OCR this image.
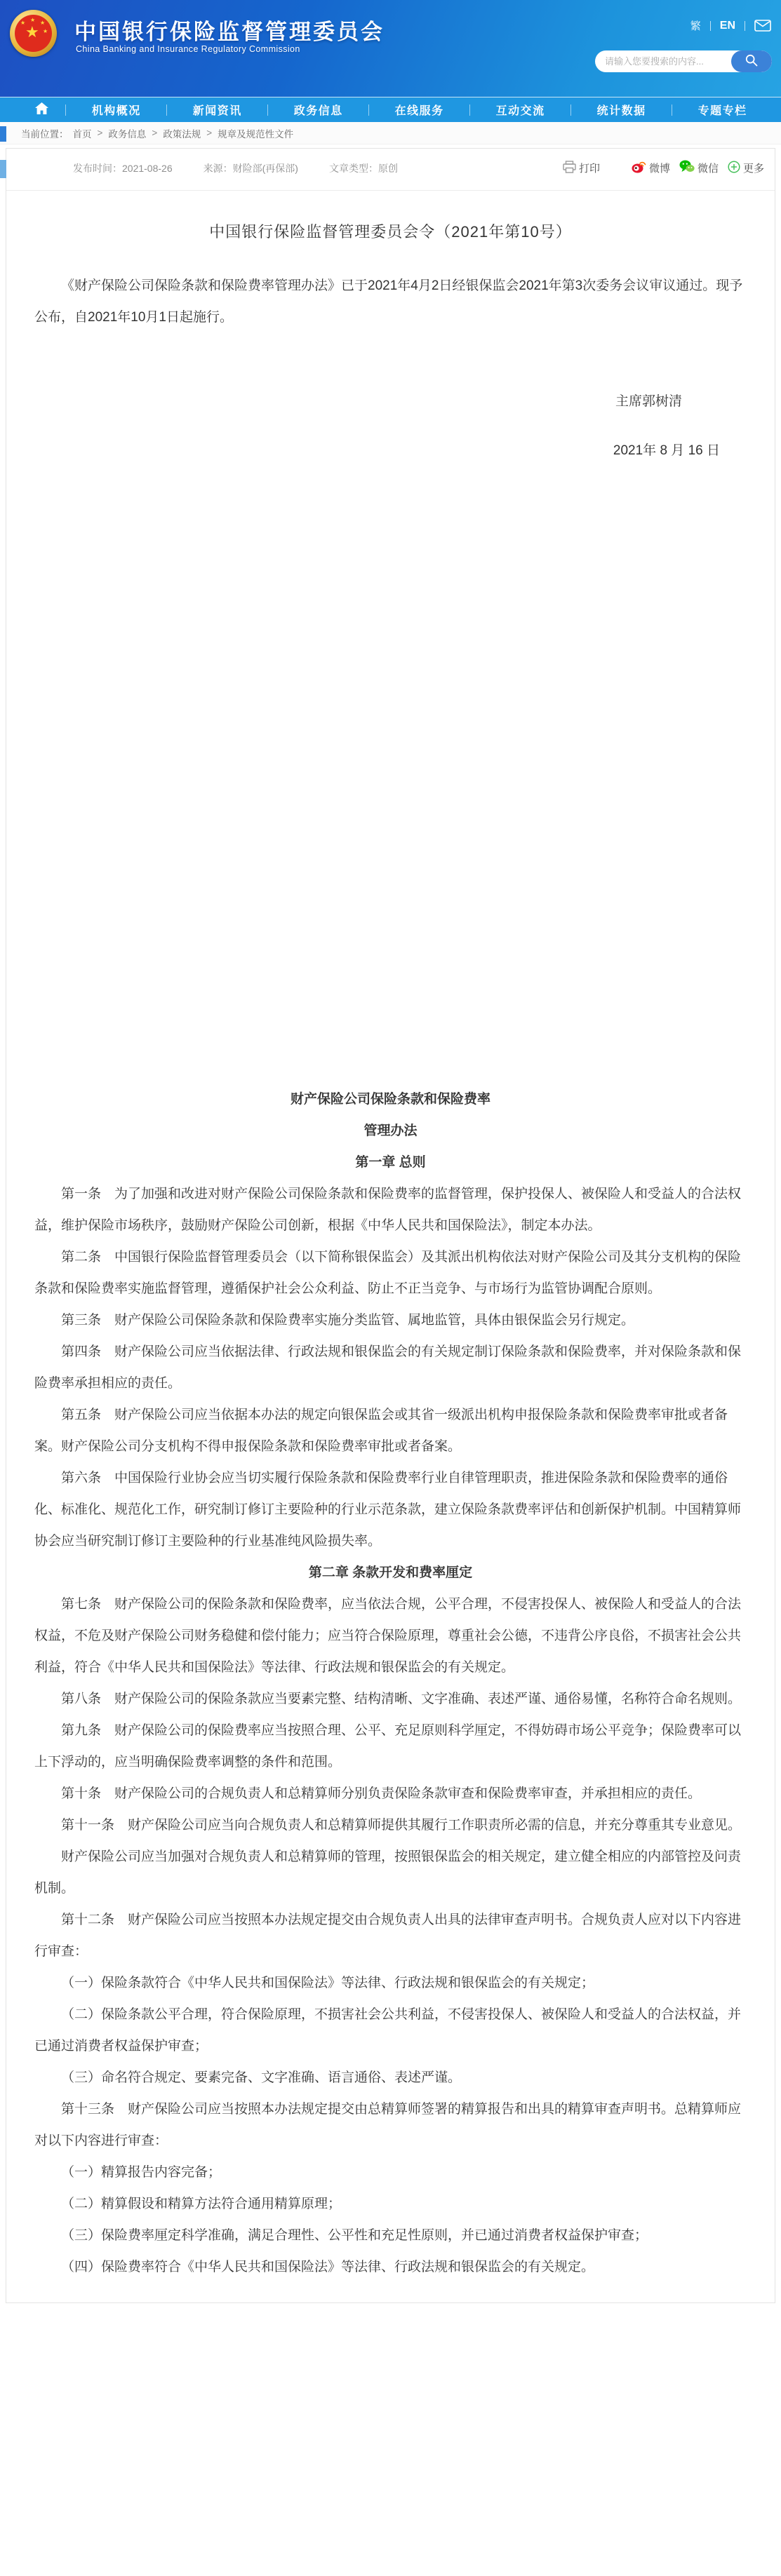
★
★ ★ ★
★ 中国银行保险监督管理委员会
China Banking and Insurance Regulatory Commission
繁 EN
请输入您要搜索的内容...
机构概况	新闻资讯	政务信息	在线服务	互动交流	统计数据	专题专栏
当前位置： 首页 > 政务信息 > 政策法规 > 规章及规范性文件
发布时间：2021-08-26	来源：财险部(再保部)	文章类型：原创	打印	微博	微信 更多
中国银行保险监督管理委员会令（2021年第10号）

《财产保险公司保险条款和保险费率管理办法》已于2021年4月2日经银保监会2021年第3次委务会议审议通过。现予公布，自2021年10月1日起施行。

主席郭树清
2021年 8 月 16 日
财产保险公司保险条款和保险费率
管理办法
第一章 总则
第一条　为了加强和改进对财产保险公司保险条款和保险费率的监督管理，保护投保人、被保险人和受益人的合法权益，维护保险市场秩序，鼓励财产保险公司创新，根据《中华人民共和国保险法》，制定本办法。
第二条　中国银行保险监督管理委员会（以下简称银保监会）及其派出机构依法对财产保险公司及其分支机构的保险条款和保险费率实施监督管理，遵循保护社会公众利益、防止不正当竞争、与市场行为监管协调配合原则。
第三条　财产保险公司保险条款和保险费率实施分类监管、属地监管，具体由银保监会另行规定。
第四条　财产保险公司应当依据法律、行政法规和银保监会的有关规定制订保险条款和保险费率，并对保险条款和保险费率承担相应的责任。
第五条　财产保险公司应当依据本办法的规定向银保监会或其省一级派出机构申报保险条款和保险费率审批或者备案。财产保险公司分支机构不得申报保险条款和保险费率审批或者备案。
第六条　中国保险行业协会应当切实履行保险条款和保险费率行业自律管理职责，推进保险条款和保险费率的通俗化、标准化、规范化工作，研究制订修订主要险种的行业示范条款，建立保险条款费率评估和创新保护机制。中国精算师协会应当研究制订修订主要险种的行业基准纯风险损失率。
第二章 条款开发和费率厘定
第七条　财产保险公司的保险条款和保险费率，应当依法合规，公平合理，不侵害投保人、被保险人和受益人的合法权益，不危及财产保险公司财务稳健和偿付能力；应当符合保险原理，尊重社会公德，不违背公序良俗，不损害社会公共利益，符合《中华人民共和国保险法》等法律、行政法规和银保监会的有关规定。
第八条　财产保险公司的保险条款应当要素完整、结构清晰、文字准确、表述严谨、通俗易懂，名称符合命名规则。
第九条　财产保险公司的保险费率应当按照合理、公平、充足原则科学厘定，不得妨碍市场公平竞争；保险费率可以上下浮动的，应当明确保险费率调整的条件和范围。
第十条　财产保险公司的合规负责人和总精算师分别负责保险条款审查和保险费率审查，并承担相应的责任。
第十一条　财产保险公司应当向合规负责人和总精算师提供其履行工作职责所必需的信息，并充分尊重其专业意见。
财产保险公司应当加强对合规负责人和总精算师的管理，按照银保监会的相关规定，建立健全相应的内部管控及问责机制。
第十二条　财产保险公司应当按照本办法规定提交由合规负责人出具的法律审查声明书。合规负责人应对以下内容进行审查：
（一）保险条款符合《中华人民共和国保险法》等法律、行政法规和银保监会的有关规定；
（二）保险条款公平合理，符合保险原理，不损害社会公共利益，不侵害投保人、被保险人和受益人的合法权益，并已通过消费者权益保护审查；
（三）命名符合规定、要素完备、文字准确、语言通俗、表述严谨。
第十三条　财产保险公司应当按照本办法规定提交由总精算师签署的精算报告和出具的精算审查声明书。总精算师应对以下内容进行审查：
（一）精算报告内容完备；
（二）精算假设和精算方法符合通用精算原理；
（三）保险费率厘定科学准确，满足合理性、公平性和充足性原则，并已通过消费者权益保护审查；
（四）保险费率符合《中华人民共和国保险法》等法律、行政法规和银保监会的有关规定。
